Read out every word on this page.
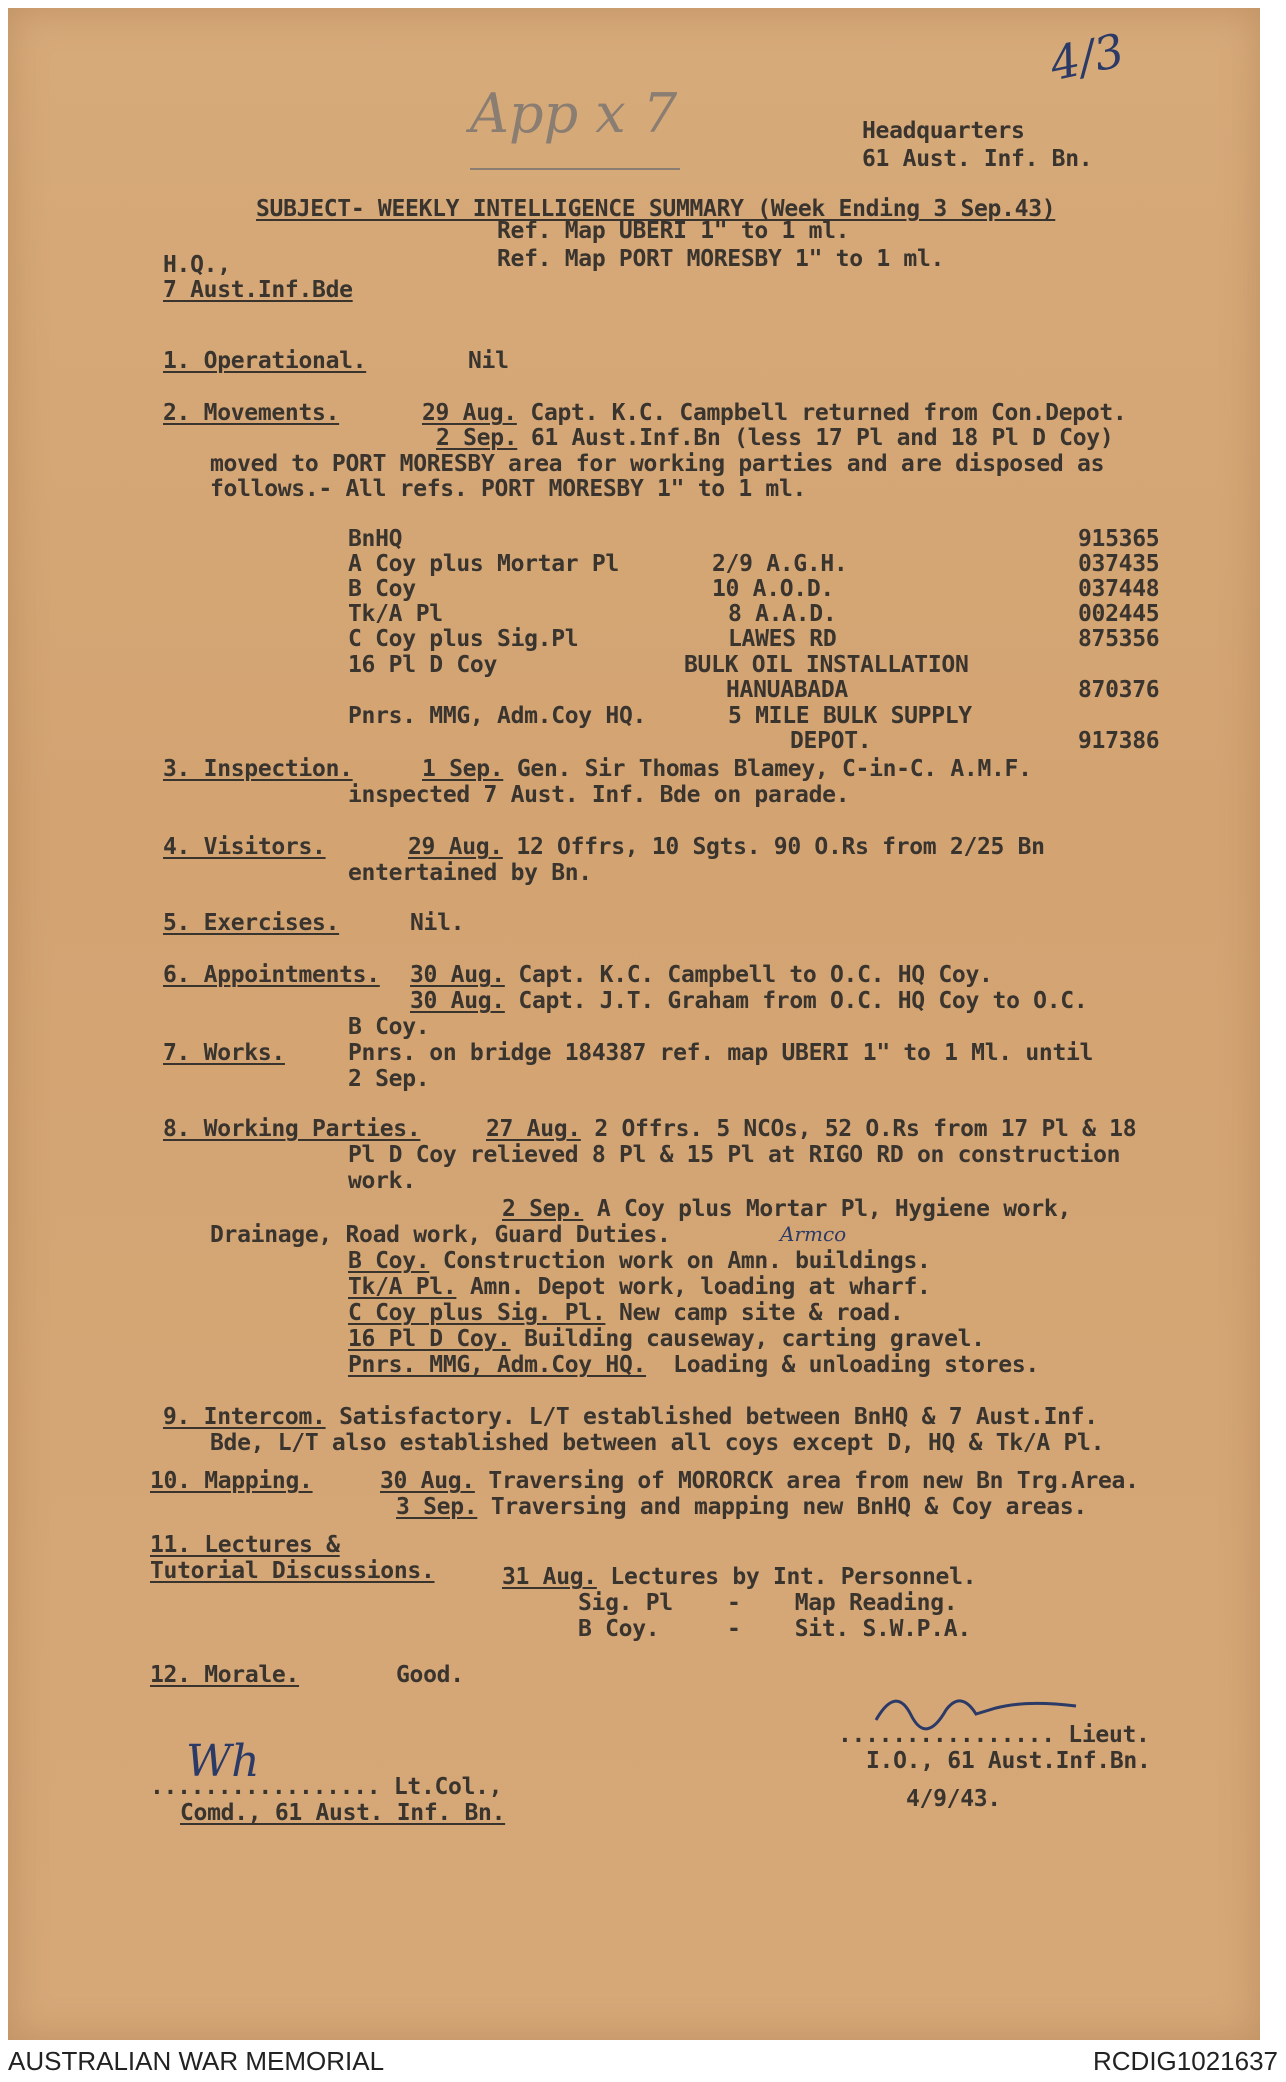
4/3
App x 7	Headquarters
61 Aust. Inf. Bn.
SUBJECT- WEEKLY INTELLIGENCE SUMMARY (Week Ending 3 Sep.43)
Ref. Map UBERI 1" to 1 ml.
Ref. Map PORT MORESBY 1" to 1 ml.
H.Q.,
7 Aust.Inf.Bde
1. Operational.	Nil
2. Movements.	29 Aug. Capt. K.C. Campbell returned from Con.Depot.
2 Sep. 61 Aust.Inf.Bn (less 17 Pl and 18 Pl D Coy)
moved to PORT MORESBY area for working parties and are disposed as
follows.- All refs. PORT MORESBY 1" to 1 ml.
BnHQ	915365
A Coy plus Mortar Pl	2/9 A.G.H.	037435
B Coy	10 A.O.D.	037448
Tk/A Pl	8 A.A.D.	002445
C Coy plus Sig.Pl	LAWES RD	875356
16 Pl D Coy	BULK OIL INSTALLATION
HANUABADA	870376
Pnrs. MMG, Adm.Coy HQ.	5 MILE BULK SUPPLY
DEPOT.	917386
3. Inspection.	1 Sep. Gen. Sir Thomas Blamey, C-in-C. A.M.F.
inspected 7 Aust. Inf. Bde on parade.
4. Visitors.	29 Aug. 12 Offrs, 10 Sgts. 90 O.Rs from 2/25 Bn
entertained by Bn.
5. Exercises.	Nil.
6. Appointments. 30 Aug. Capt. K.C. Campbell to O.C. HQ Coy.
30 Aug. Capt. J.T. Graham from O.C. HQ Coy to O.C.
B Coy.
7. Works.	Pnrs. on bridge 184387 ref. map UBERI 1" to 1 Ml. until
2 Sep.
8. Working Parties.	27 Aug. 2 Offrs. 5 NCOs, 52 O.Rs from 17 Pl & 18
Pl D Coy relieved 8 Pl & 15 Pl at RIGO RD on construction
work.
2 Sep. A Coy plus Mortar Pl, Hygiene work,
Drainage, Road work, Guard Duties.	Armco
B Coy. Construction work on Amn. buildings.
Tk/A Pl. Amn. Depot work, loading at wharf.
C Coy plus Sig. Pl. New camp site & road.
16 Pl D Coy. Building causeway, carting gravel.
Pnrs. MMG, Adm.Coy HQ.  Loading & unloading stores.
9. Intercom. Satisfactory. L/T established between BnHQ & 7 Aust.Inf.
Bde, L/T also established between all coys except D, HQ & Tk/A Pl.
10. Mapping.	30 Aug. Traversing of MORORCK area from new Bn Trg.Area.
3 Sep. Traversing and mapping new BnHQ & Coy areas.
11. Lectures &
Tutorial Discussions.	31 Aug. Lectures by Int. Personnel.
Sig. Pl    -    Map Reading.
B Coy.     -    Sit. S.W.P.A.
12. Morale.	Good.
................ Lieut.
I.O., 61 Aust.Inf.Bn.
4/9/43.
Wh
................. Lt.Col.,
Comd., 61 Aust. Inf. Bn.
AUSTRALIAN WAR MEMORIAL	RCDIG1021637
